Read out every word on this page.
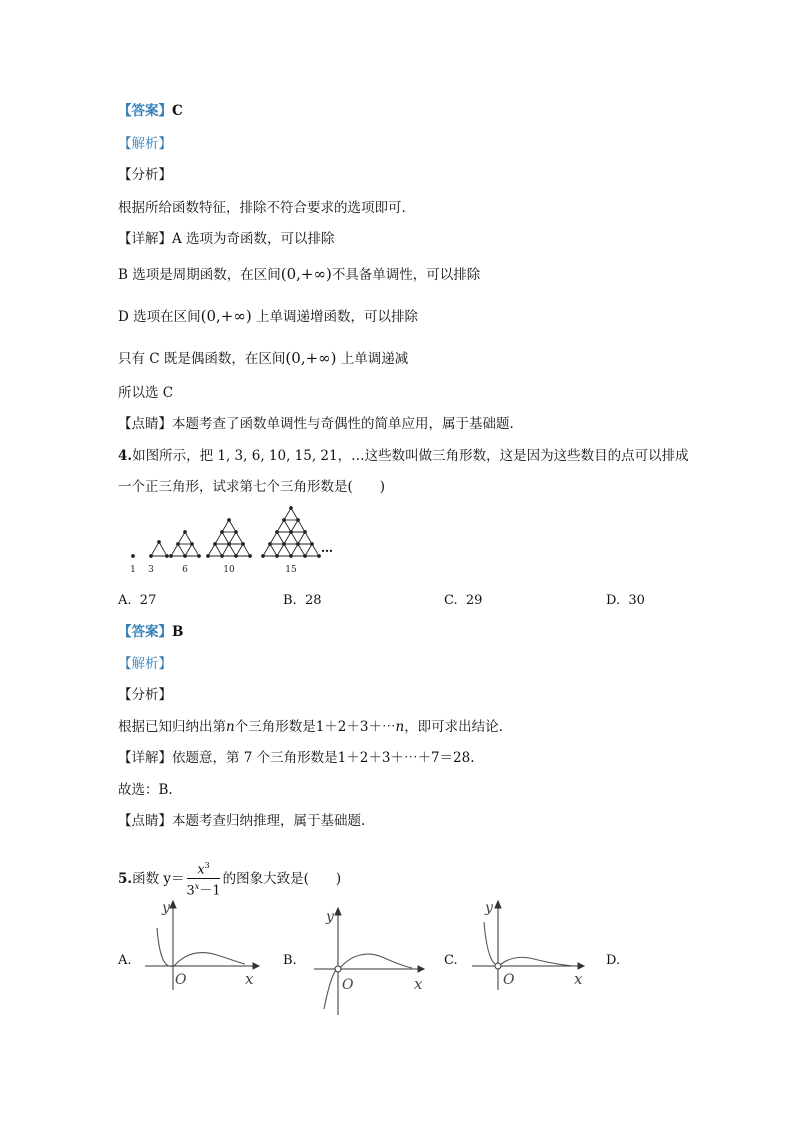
【答案】C
【解析】
【分析】
根据所给函数特征，排除不符合要求的选项即可．
【详解】A 选项为奇函数，可以排除
B 选项是周期函数，在区间(0,+∞)不具备单调性，可以排除
D 选项在区间(0,+∞) 上单调递增函数，可以排除
只有 C 既是偶函数，在区间(0,+∞) 上单调递减
所以选 C
【点睛】本题考查了函数单调性与奇偶性的简单应用，属于基础题．
4.如图所示，把 1, 3, 6, 10, 15, 21，…这些数叫做三角形数，这是因为这些数目的点可以排成
一个正三角形，试求第七个三角形数是(　　)
…
1 3	6	10	15
A. 27	B. 28	C. 29	D. 30
【答案】B
【解析】
【分析】
根据已知归纳出第n个三角形数是1＋2＋3＋⋯n，即可求出结论.
【详解】依题意，第 7 个三角形数是1＋2＋3＋⋯＋7＝28.
故选：B.
【点睛】本题考查归纳推理，属于基础题.
5. 函数 $y= \frac{x^3}{3^x-1}$ 的图象大致是(　　)
A.
y
x
O
B.
y
x
O
C.
y
x
O
D.
